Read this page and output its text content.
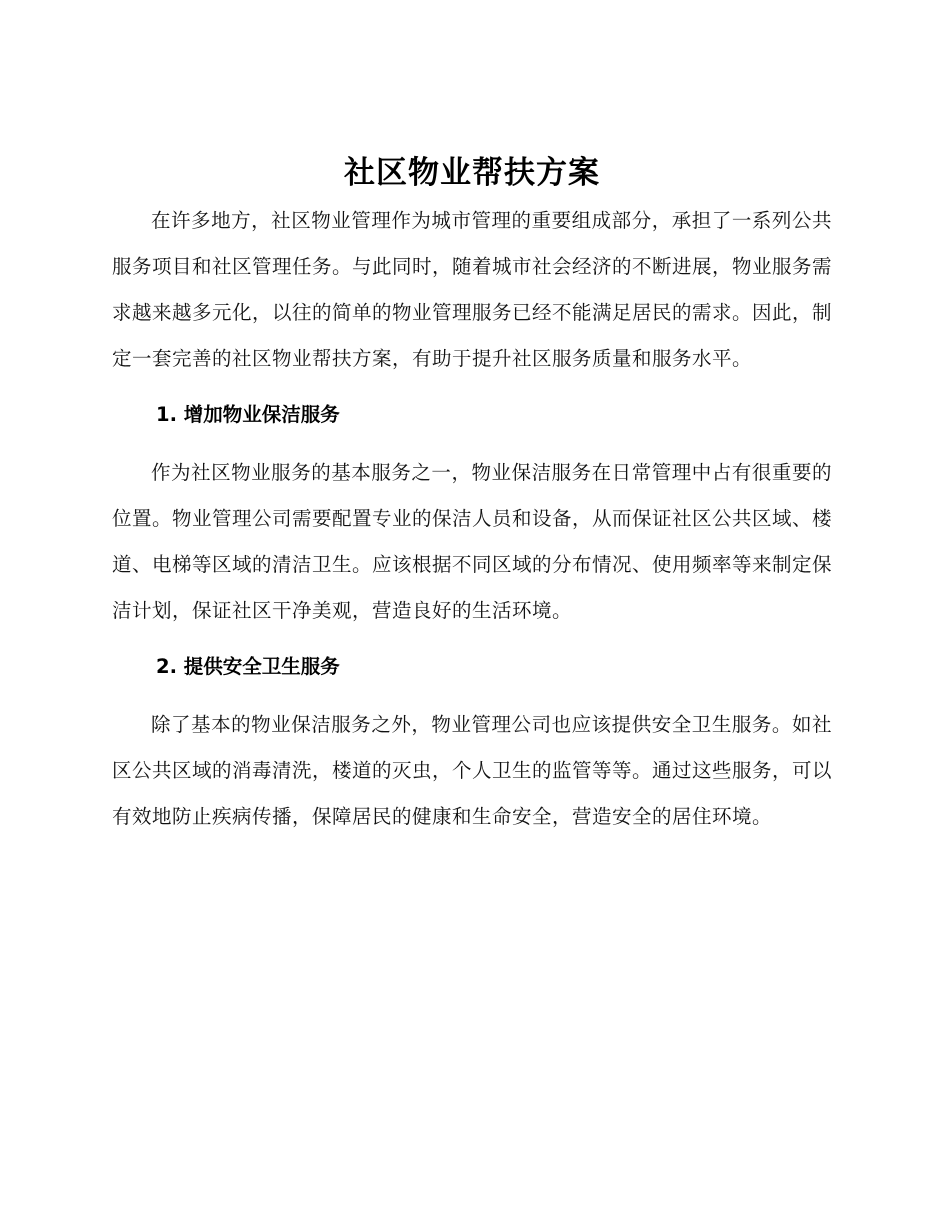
社区物业帮扶方案

在许多地方，社区物业管理作为城市管理的重要组成部分，承担了一系列公共服务项目和社区管理任务。与此同时，随着城市社会经济的不断进展，物业服务需求越来越多元化，以往的简单的物业管理服务已经不能满足居民的需求。因此，制定一套完善的社区物业帮扶方案，有助于提升社区服务质量和服务水平。

1. 增加物业保洁服务

作为社区物业服务的基本服务之一，物业保洁服务在日常管理中占有很重要的位置。物业管理公司需要配置专业的保洁人员和设备，从而保证社区公共区域、楼道、电梯等区域的清洁卫生。应该根据不同区域的分布情况、使用频率等来制定保洁计划，保证社区干净美观，营造良好的生活环境。

2. 提供安全卫生服务

除了基本的物业保洁服务之外，物业管理公司也应该提供安全卫生服务。如社区公共区域的消毒清洗，楼道的灭虫，个人卫生的监管等等。通过这些服务，可以有效地防止疾病传播，保障居民的健康和生命安全，营造安全的居住环境。
